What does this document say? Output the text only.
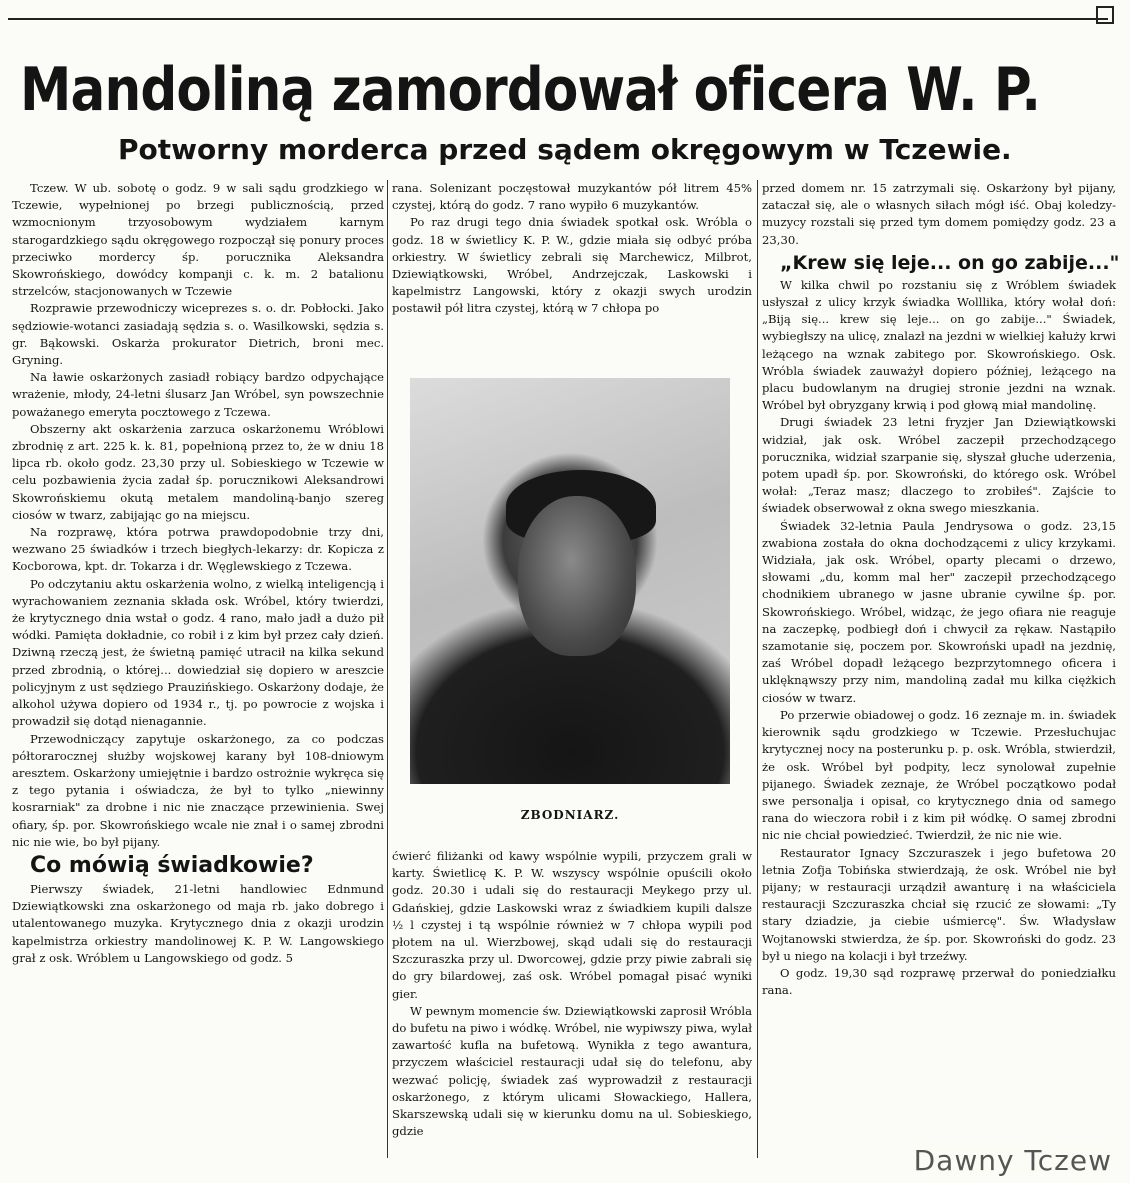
Mandoliną zamordował oficera W. P.
Potworny morderca przed sądem okręgowym w Tczewie.

Tczew. W ub. sobotę o godz. 9 w sali sądu grodzkiego w Tczewie, wypełnionej po brzegi publicznością, przed wzmocnionym trzyosobowym wydziałem karnym starogardzkiego sądu okręgowego rozpoczął się ponury proces przeciwko mordercy śp. porucznika Aleksandra Skowrońskiego, dowódcy kompanji c. k. m. 2 batalionu strzelców, stacjonowanych w Tczewie

Rozprawie przewodniczy wiceprezes s. o. dr. Pobłocki. Jako sędziowie-wotanci zasiadają sędzia s. o. Wasilkowski, sędzia s. gr. Bąkowski. Oskarża prokurator Dietrich, broni mec. Gryning.

Na ławie oskarżonych zasiadł robiący bardzo odpychające wrażenie, młody, 24-letni ślusarz Jan Wróbel, syn powszechnie poważanego emeryta pocztowego z Tczewa.

Obszerny akt oskarżenia zarzuca oskarżonemu Wróblowi zbrodnię z art. 225 k. k. 81, popełnioną przez to, że w dniu 18 lipca rb. około godz. 23,30 przy ul. Sobieskiego w Tczewie w celu pozbawienia życia zadał śp. porucznikowi Aleksandrowi Skowrońskiemu okutą metalem mandoliną-banjo szereg ciosów w twarz, zabijając go na miejscu.

Na rozprawę, która potrwa prawdopodobnie trzy dni, wezwano 25 świadków i trzech biegłych-lekarzy: dr. Kopicza z Kocborowa, kpt. dr. Tokarza i dr. Węglewskiego z Tczewa.

Po odczytaniu aktu oskarżenia wolno, z wielką inteligencją i wyrachowaniem zeznania składa osk. Wróbel, który twierdzi, że krytycznego dnia wstał o godz. 4 rano, mało jadł a dużo pił wódki. Pamięta dokładnie, co robił i z kim był przez cały dzień. Dziwną rzeczą jest, że świetną pamięć utracił na kilka sekund przed zbrodnią, o której... dowiedział się dopiero w areszcie policyjnym z ust sędziego Prauzińskiego. Oskarżony dodaje, że alkohol używa dopiero od 1934 r., tj. po powrocie z wojska i prowadził się dotąd nienagannie.

Przewodniczący zapytuje oskarżonego, za co podczas półtorarocznej służby wojskowej karany był 108-dniowym aresztem. Oskarżony umiejętnie i bardzo ostrożnie wykręca się z tego pytania i oświadcza, że był to tylko „niewinny kosrarniak" za drobne i nic nie znaczące przewinienia. Swej ofiary, śp. por. Skowrońskiego wcale nie znał i o samej zbrodni nic nie wie, bo był pijany.

Co mówią świadkowie?

Pierwszy świadek, 21-letni handlowiec Ednmund Dziewiątkowski zna oskarżonego od maja rb. jako dobrego i utalentowanego muzyka. Krytycznego dnia z okazji urodzin kapelmistrza orkiestry mandolinowej K. P. W. Langowskiego grał z osk. Wróblem u Langowskiego od godz. 5

rana. Solenizant poczęstował muzykantów pół litrem 45% czystej, którą do godz. 7 rano wypiło 6 muzykantów.

Po raz drugi tego dnia świadek spotkał osk. Wróbla o godz. 18 w świetlicy K. P. W., gdzie miała się odbyć próba orkiestry. W świetlicy zebrali się Marchewicz, Milbrot, Dziewiątkowski, Wróbel, Andrzejczak, Laskowski i kapelmistrz Langowski, który z okazji swych urodzin postawił pół litra czystej, którą w 7 chłopa po

ZBODNIARZ.

ćwierć filiżanki od kawy wspólnie wypili, przyczem grali w karty. Świetlicę K. P. W. wszyscy wspólnie opuścili około godz. 20.30 i udali się do restauracji Meykego przy ul. Gdańskiej, gdzie Laskowski wraz z świadkiem kupili dalsze ½ l czystej i tą wspólnie również w 7 chłopa wypili pod płotem na ul. Wierzbowej, skąd udali się do restauracji Szczuraszka przy ul. Dworcowej, gdzie przy piwie zabrali się do gry bilardowej, zaś osk. Wróbel pomagał pisać wyniki gier.

W pewnym momencie św. Dziewiątkowski zaprosił Wróbla do bufetu na piwo i wódkę. Wróbel, nie wypiwszy piwa, wylał zawartość kufla na bufetową. Wynikła z tego awantura, przyczem właściciel restauracji udał się do telefonu, aby wezwać policję, świadek zaś wyprowadził z restauracji oskarżonego, z którym ulicami Słowackiego, Hallera, Skarszewską udali się w kierunku domu na ul. Sobieskiego, gdzie

przed domem nr. 15 zatrzymali się. Oskarżony był pijany, zataczał się, ale o własnych siłach mógł iść. Obaj koledzy-muzycy rozstali się przed tym domem pomiędzy godz. 23 a 23,30.

„Krew się leje... on go zabije..."

W kilka chwil po rozstaniu się z Wróblem świadek usłyszał z ulicy krzyk świadka Wolllika, który wołał doń: „Biją się... krew się leje... on go zabije..." Świadek, wybiegłszy na ulicę, znalazł na jezdni w wielkiej kałuży krwi leżącego na wznak zabitego por. Skowrońskiego. Osk. Wróbla świadek zauważył dopiero później, leżącego na placu budowlanym na drugiej stronie jezdni na wznak. Wróbel był obryzgany krwią i pod głową miał mandolinę.

Drugi świadek 23 letni fryzjer Jan Dziewiątkowski widział, jak osk. Wróbel zaczepił przechodzącego porucznika, widział szarpanie się, słyszał głuche uderzenia, potem upadł śp. por. Skowroński, do którego osk. Wróbel wołał: „Teraz masz; dlaczego to zrobiłeś". Zajście to świadek obserwował z okna swego mieszkania.

Świadek 32-letnia Paula Jendrysowa o godz. 23,15 zwabiona została do okna dochodzącemi z ulicy krzykami. Widziała, jak osk. Wróbel, oparty plecami o drzewo, słowami „du, komm mal her" zaczepił przechodzącego chodnikiem ubranego w jasne ubranie cywilne śp. por. Skowrońskiego. Wróbel, widząc, że jego ofiara nie reaguje na zaczepkę, podbiegł doń i chwycił za rękaw. Nastąpiło szamotanie się, poczem por. Skowroński upadł na jezdnię, zaś Wróbel dopadł leżącego bezprzytomnego oficera i uklęknąwszy przy nim, mandoliną zadał mu kilka ciężkich ciosów w twarz.

Po przerwie obiadowej o godz. 16 zeznaje m. in. świadek kierownik sądu grodzkiego w Tczewie. Przesłuchujac krytycznej nocy na posterunku p. p. osk. Wróbla, stwierdził, że osk. Wróbel był podpity, lecz synolował zupełnie pijanego. Świadek zeznaje, że Wróbel początkowo podał swe personalja i opisał, co krytycznego dnia od samego rana do wieczora robił i z kim pił wódkę. O samej zbrodni nic nie chciał powiedzieć. Twierdził, że nic nie wie.

Restaurator Ignacy Szczuraszek i jego bufetowa 20 letnia Zofja Tobińska stwierdzają, że osk. Wróbel nie był pijany; w restauracji urządził awanturę i na właściciela restauracji Szczuraszka chciał się rzucić ze słowami: „Ty stary dziadzie, ja ciebie uśmiercę". Św. Władysław Wojtanowski stwierdza, że śp. por. Skowroński do godz. 23 był u niego na kolacji i był trzeźwy.

O godz. 19,30 sąd rozprawę przerwał do poniedziałku rana.

Dawny Tczew
